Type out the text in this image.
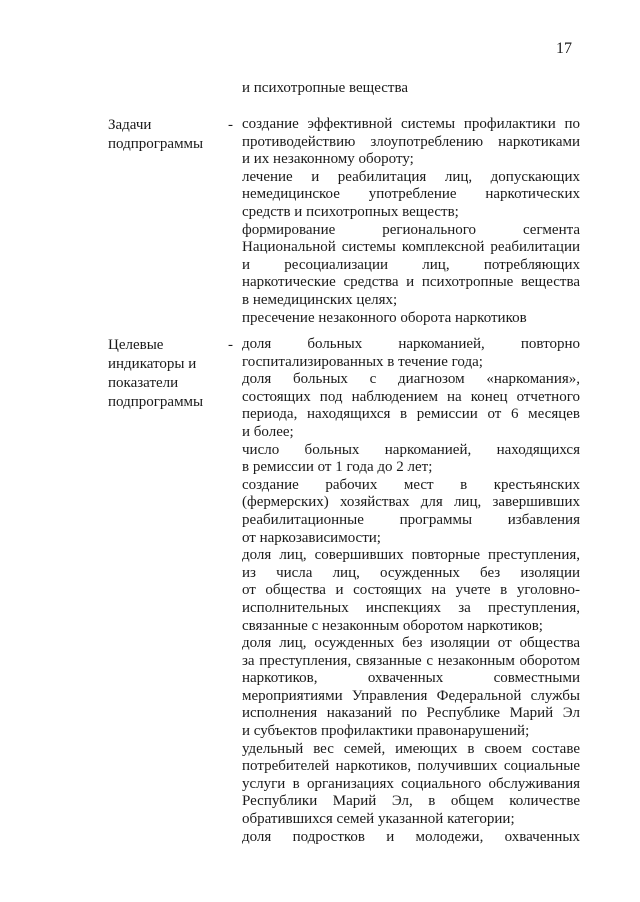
17
и психотропные вещества
Задачи
подпрограммы
- создание эффективной системы профилактики по
противодействию злоупотреблению наркотиками
и их незаконному обороту;
лечение и реабилитация лиц, допускающих
немедицинское употребление наркотических
средств и психотропных веществ;
формирование регионального сегмента
Национальной системы комплексной реабилитации
и ресоциализации лиц, потребляющих
наркотические средства и психотропные вещества
в немедицинских целях;
пресечение незаконного оборота наркотиков
Целевые
индикаторы и
показатели
подпрограммы
- доля больных наркоманией, повторно
госпитализированных в течение года;
доля больных с диагнозом «наркомания»,
состоящих под наблюдением на конец отчетного
периода, находящихся в ремиссии от 6 месяцев
и более;
число больных наркоманией, находящихся
в ремиссии от 1 года до 2 лет;
создание рабочих мест в крестьянских
(фермерских) хозяйствах для лиц, завершивших
реабилитационные программы избавления
от наркозависимости;
доля лиц, совершивших повторные преступления,
из числа лиц, осужденных без изоляции
от общества и состоящих на учете в уголовно-
исполнительных инспекциях за преступления,
связанные с незаконным оборотом наркотиков;
доля лиц, осужденных без изоляции от общества
за преступления, связанные с незаконным оборотом
наркотиков, охваченных совместными
мероприятиями Управления Федеральной службы
исполнения наказаний по Республике Марий Эл
и субъектов профилактики правонарушений;
удельный вес семей, имеющих в своем составе
потребителей наркотиков, получивших социальные
услуги в организациях социального обслуживания
Республики Марий Эл, в общем количестве
обратившихся семей указанной категории;
доля подростков и молодежи, охваченных
